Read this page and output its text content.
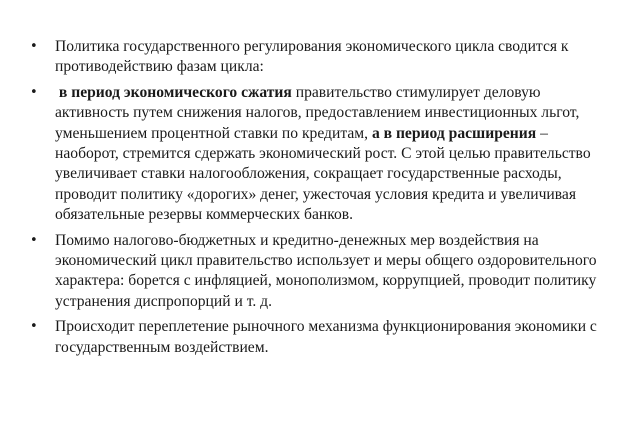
• Политика государственного регулирования экономического цикла сводится к противодействию фазам цикла:
• в период экономического сжатия правительство стимулирует деловую активность путем снижения налогов, предоставлением инвестиционных льгот, уменьшением процентной ставки по кредитам, а в период расширения – наоборот, стремится сдержать экономический рост. С этой целью правительство увеличивает ставки налогообложения, сокращает государственные расходы, проводит политику «дорогих» денег, ужесточая условия кредита и увеличивая обязательные резервы коммерческих банков.
• Помимо налогово-бюджетных и кредитно-денежных мер воздействия на экономический цикл правительство использует и меры общего оздоровительного характера: борется с инфляцией, монополизмом, коррупцией, проводит политику устранения диспропорций и т. д.
• Происходит переплетение рыночного механизма функционирования экономики с государственным воздействием.
